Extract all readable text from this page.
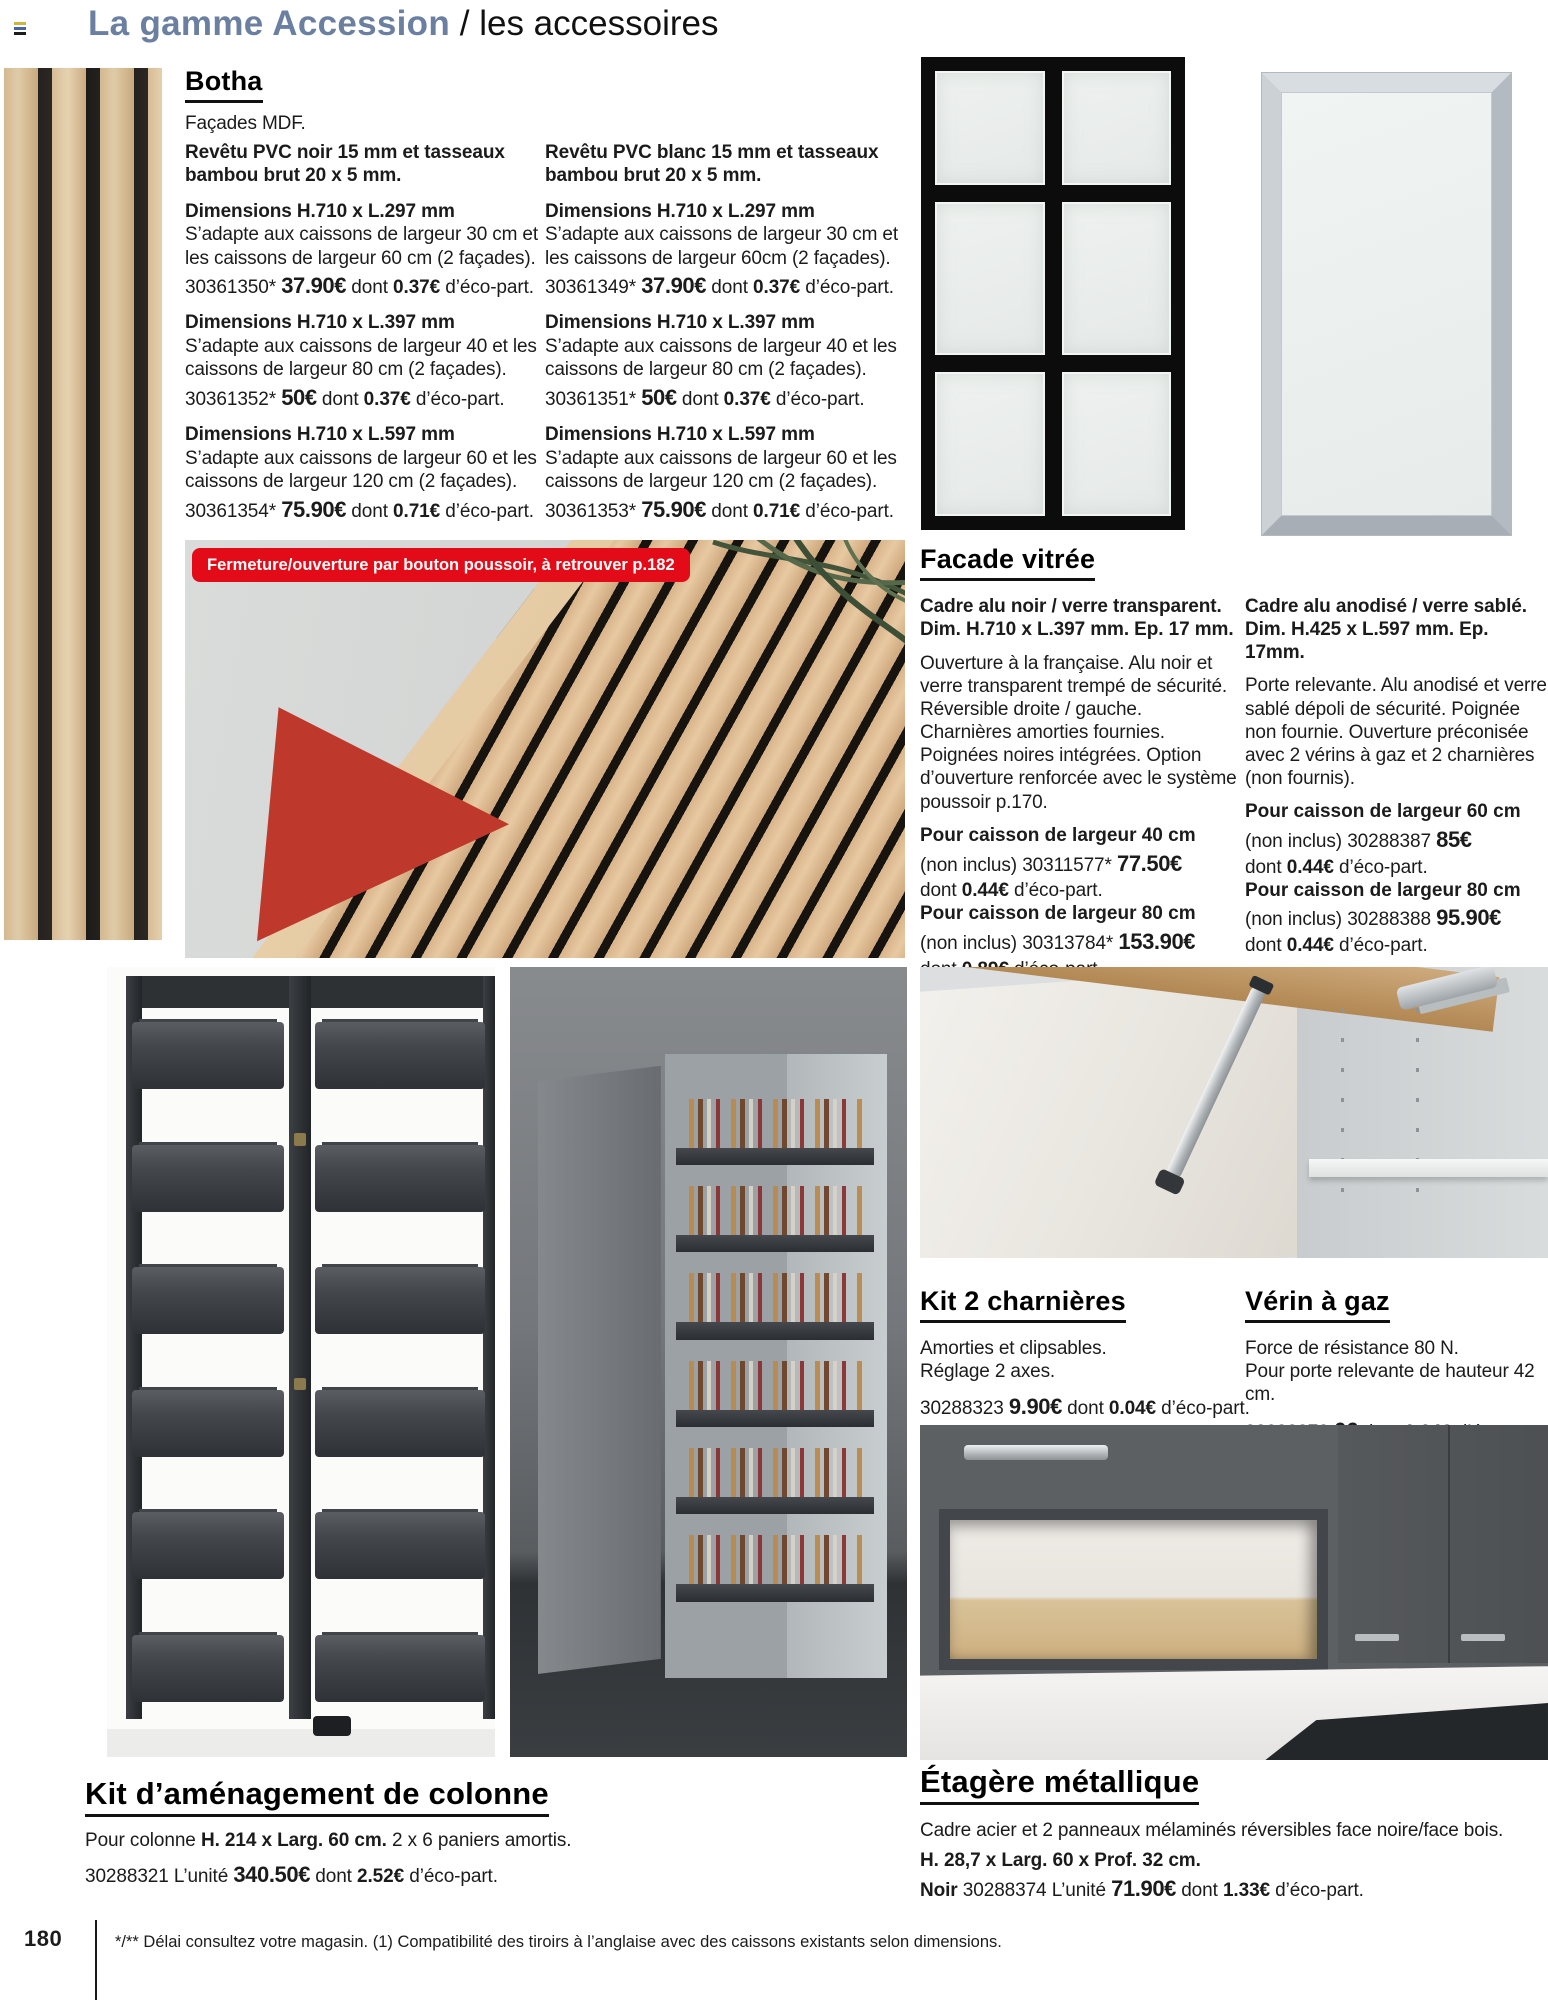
La gamme Accession / les accessoires
Botha

Façades MDF.

Revêtu PVC noir 15 mm et tasseaux bambou brut 20 x 5 mm.

Dimensions H.710 x L.297 mm

S’adapte aux caissons de largeur 30 cm et les caissons de largeur 60 cm (2 façades).

30361350* 37.90€ dont 0.37€ d’éco-part.

Dimensions H.710 x L.397 mm

S’adapte aux caissons de largeur 40 et les caissons de largeur 80 cm (2 façades).

30361352* 50€ dont 0.37€ d’éco-part.

Dimensions H.710 x L.597 mm

S’adapte aux caissons de largeur 60 et les caissons de largeur 120 cm (2 façades).

30361354* 75.90€ dont 0.71€ d’éco-part.

Revêtu PVC blanc 15 mm et tasseaux bambou brut 20 x 5 mm.

Dimensions H.710 x L.297 mm

S’adapte aux caissons de largeur 30 cm et les caissons de largeur 60cm (2 façades).

30361349* 37.90€ dont 0.37€ d’éco-part.

Dimensions H.710 x L.397 mm

S’adapte aux caissons de largeur 40 et les caissons de largeur 80 cm (2 façades).

30361351* 50€ dont 0.37€ d’éco-part.

Dimensions H.710 x L.597 mm

S’adapte aux caissons de largeur 60 et les caissons de largeur 120 cm (2 façades).

30361353* 75.90€ dont 0.71€ d’éco-part.

Fermeture/ouverture par bouton poussoir, à retrouver p.182	Facade vitrée

Cadre alu noir / verre transparent.

Dim. H.710 x L.397 mm. Ep. 17 mm.

Ouverture à la française. Alu noir et verre transparent trempé de sécurité. Réversible droite / gauche. Charnières amorties fournies. Poignées noires intégrées. Option d’ouverture renforcée avec le système poussoir p.170.

Pour caisson de largeur 40 cm

(non inclus) 30311577* 77.50€

dont 0.44€ d’éco-part.

Pour caisson de largeur 80 cm

(non inclus) 30313784* 153.90€

Cadre alu anodisé / verre sablé.

Dim. H.425 x L.597 mm. Ep. 17mm.

Porte relevante. Alu anodisé et verre sablé dépoli de sécurité. Poignée non fournie. Ouverture préconisée avec 2 vérins à gaz et 2 charnières (non fournis).

Pour caisson de largeur 60 cm

(non inclus) 30288387 85€

dont 0.44€ d’éco-part.

Pour caisson de largeur 80 cm

(non inclus) 30288388 95.90€

dont 0.44€ d’éco-part.

Kit 2 charnières

Amorties et clipsables.

Réglage 2 axes.

30288323 9.90€ dont 0.04€ d’éco-part.

Vérin à gaz

Force de résistance 80 N.

Pour porte relevante de hauteur 42 cm.

Kit d’aménagement de colonne

Pour colonne H. 214 x Larg. 60 cm. 2 x 6 paniers amortis.

30288321 L’unité 340.50€ dont 2.52€ d’éco-part.

Étagère métallique

Cadre acier et 2 panneaux mélaminés réversibles face noire/face bois.

H. 28,7 x Larg. 60 x Prof. 32 cm.

Noir 30288374 L’unité 71.90€ dont 1.33€ d’éco-part.

180	*/** Délai consultez votre magasin. (1) Compatibilité des tiroirs à l’anglaise avec des caissons existants selon dimensions.
